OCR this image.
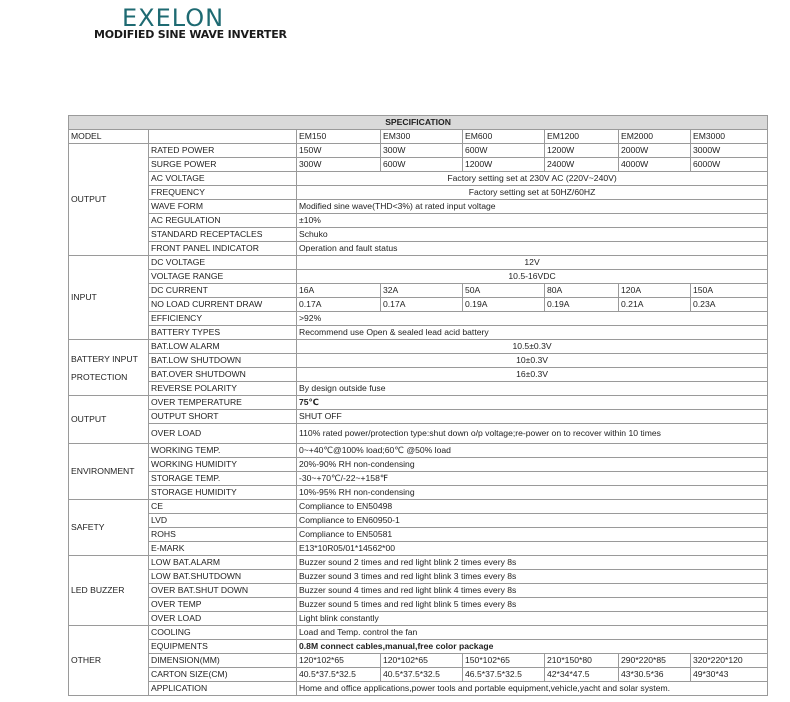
EXELON
MODIFIED SINE WAVE INVERTER
SPECIFICATION							
MODEL		EM150	EM300	EM600	EM1200	EM2000	EM3000
OUTPUT	RATED POWER	150W	300W	600W	1200W	2000W	3000W
	SURGE POWER	300W	600W	1200W	2400W	4000W	6000W
	AC VOLTAGE	Factory setting set at 230V AC (220V~240V)					
	FREQUENCY	Factory setting set at 50HZ/60HZ					
	WAVE FORM	Modified sine wave(THD<3%) at rated input voltage					
	AC REGULATION	±10%					
	STANDARD RECEPTACLES	Schuko					
	FRONT PANEL INDICATOR	Operation and fault status					
INPUT	DC VOLTAGE	12V					
	VOLTAGE RANGE	10.5-16VDC					
	DC CURRENT	16A	32A	50A	80A	120A	150A
	NO LOAD CURRENT DRAW	0.17A	0.17A	0.19A	0.19A	0.21A	0.23A
	EFFICIENCY	>92%					
	BATTERY TYPES	Recommend use Open & sealed lead acid battery					
BATTERY INPUT
PROTECTION	BAT.LOW ALARM	10.5±0.3V					
	BAT.LOW SHUTDOWN	10±0.3V					
	BAT.OVER SHUTDOWN	16±0.3V					
	REVERSE POLARITY	By design outside fuse					
OUTPUT	OVER TEMPERATURE	75℃					
	OUTPUT SHORT	SHUT OFF					
	OVER LOAD	110% rated power/protection type:shut down o/p voltage;re-power on to recover within 10 times					
ENVIRONMENT	WORKING TEMP.	0~+40℃@100% load;60℃ @50% load					
	WORKING HUMIDITY	20%-90% RH non-condensing					
	STORAGE TEMP.	-30~+70℃/-22~+158℉					
	STORAGE HUMIDITY	10%-95% RH non-condensing					
SAFETY	CE	Compliance to EN50498					
	LVD	Compliance to EN60950-1					
	ROHS	Compliance to EN50581					
	E-MARK	E13*10R05/01*14562*00					
LED BUZZER	LOW BAT.ALARM	Buzzer sound 2 times and red light blink 2 times every 8s					
	LOW BAT.SHUTDOWN	Buzzer sound 3 times and red light blink 3 times every 8s					
	OVER BAT.SHUT DOWN	Buzzer sound 4 times and red light blink 4 times every 8s					
	OVER TEMP	Buzzer sound 5 times and red light blink 5 times every 8s					
	OVER LOAD	Light blink constantly					
OTHER	COOLING	Load and Temp. control the fan					
	EQUIPMENTS	0.8M connect cables,manual,free color package					
	DIMENSION(MM)	120*102*65	120*102*65	150*102*65	210*150*80	290*220*85	320*220*120
	CARTON SIZE(CM)	40.5*37.5*32.5	40.5*37.5*32.5	46.5*37.5*32.5	42*34*47.5	43*30.5*36	49*30*43
	APPLICATION	Home and office applications,power tools and portable equipment,vehicle,yacht and solar system.					
